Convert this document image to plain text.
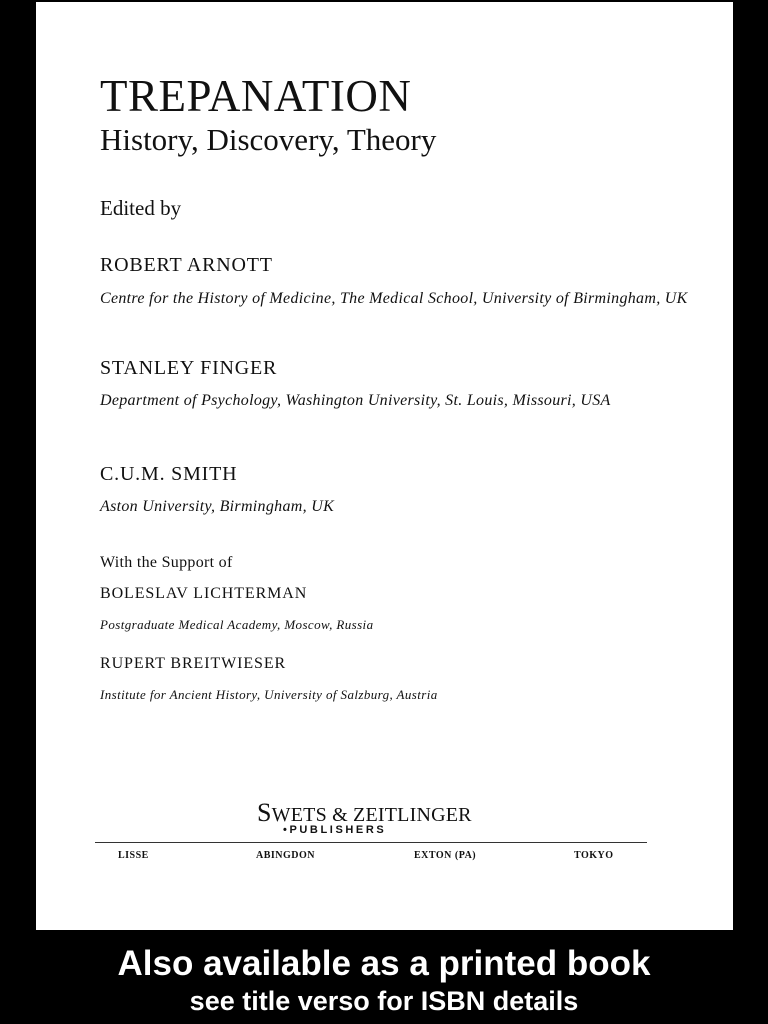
TREPANATION
History, Discovery, Theory
Edited by
ROBERT ARNOTT
Centre for the History of Medicine, The Medical School, University of Birmingham, UK
STANLEY FINGER
Department of Psychology, Washington University, St. Louis, Missouri, USA
C.U.M. SMITH
Aston University, Birmingham, UK
With the Support of
BOLESLAV LICHTERMAN
Postgraduate Medical Academy, Moscow, Russia
RUPERT BREITWIESER
Institute for Ancient History, University of Salzburg, Austria
SWETS & ZEITLINGER
•PUBLISHERS
LISSE	ABINGDON	EXTON (PA)	TOKYO
Also available as a printed book
see title verso for ISBN details
